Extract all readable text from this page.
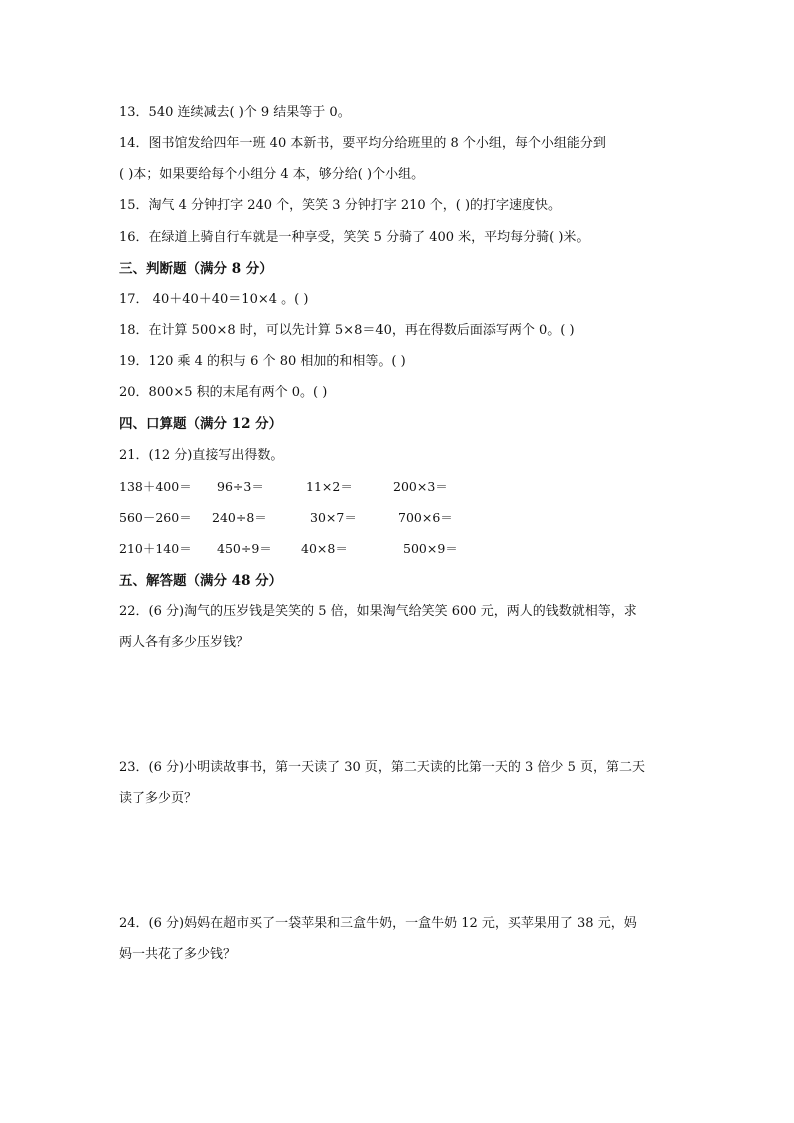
13．540 连续减去( )个 9 结果等于 0。
14．图书馆发给四年一班 40 本新书，要平均分给班里的 8 个小组，每个小组能分到
( )本；如果要给每个小组分 4 本，够分给( )个小组。
15．淘气 4 分钟打字 240 个，笑笑 3 分钟打字 210 个，( )的打字速度快。
16．在绿道上骑自行车就是一种享受，笑笑 5 分骑了 400 米，平均每分骑( )米。
三、判断题（满分 8 分）
17． 40＋40＋40＝10×4 。( )
18．在计算 500×8 时，可以先计算 5×8＝40，再在得数后面添写两个 0。( )
19．120 乘 4 的积与 6 个 80 相加的和相等。( )
20．800×5 积的末尾有两个 0。( )
四、口算题（满分 12 分）
21．(12 分)直接写出得数。
138＋400＝ 96÷3＝	11×2＝	200×3＝
560－260＝ 240÷8＝	30×7＝	700×6＝
210＋140＝ 450÷9＝ 40×8＝	500×9＝
五、解答题（满分 48 分）
22．(6 分)淘气的压岁钱是笑笑的 5 倍，如果淘气给笑笑 600 元，两人的钱数就相等，求
两人各有多少压岁钱？
23．(6 分)小明读故事书，第一天读了 30 页，第二天读的比第一天的 3 倍少 5 页，第二天
读了多少页？
24．(6 分)妈妈在超市买了一袋苹果和三盒牛奶，一盒牛奶 12 元，买苹果用了 38 元，妈
妈一共花了多少钱？
